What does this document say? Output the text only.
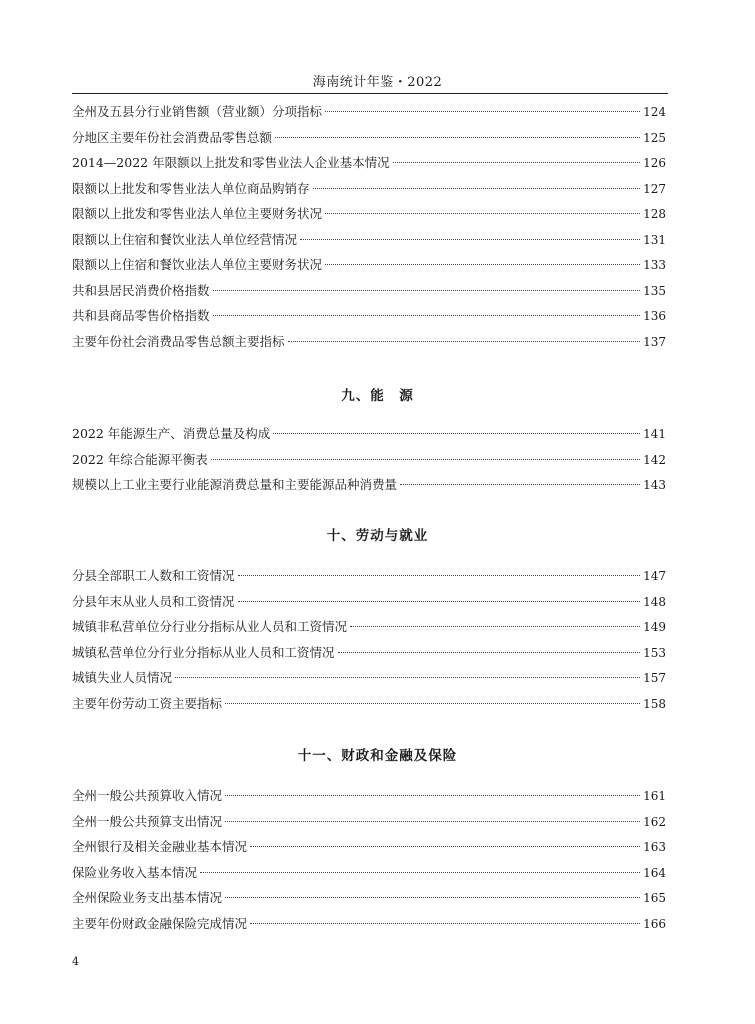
海南统计年鉴・2022
全州及五县分行业销售额（营业额）分项指标	124
分地区主要年份社会消费品零售总额	125
2014—2022 年限额以上批发和零售业法人企业基本情况	126
限额以上批发和零售业法人单位商品购销存	127
限额以上批发和零售业法人单位主要财务状况	128
限额以上住宿和餐饮业法人单位经营情况	131
限额以上住宿和餐饮业法人单位主要财务状况	133
共和县居民消费价格指数	135
共和县商品零售价格指数	136
主要年份社会消费品零售总额主要指标	137
九、能　源
2022 年能源生产、消费总量及构成	141
2022 年综合能源平衡表	142
规模以上工业主要行业能源消费总量和主要能源品种消费量	143
十、劳动与就业
分县全部职工人数和工资情况	147
分县年末从业人员和工资情况	148
城镇非私营单位分行业分指标从业人员和工资情况	149
城镇私营单位分行业分指标从业人员和工资情况	153
城镇失业人员情况	157
主要年份劳动工资主要指标	158
十一、财政和金融及保险
全州一般公共预算收入情况	161
全州一般公共预算支出情况	162
全州银行及相关金融业基本情况	163
保险业务收入基本情况	164
全州保险业务支出基本情况	165
主要年份财政金融保险完成情况	166
4
